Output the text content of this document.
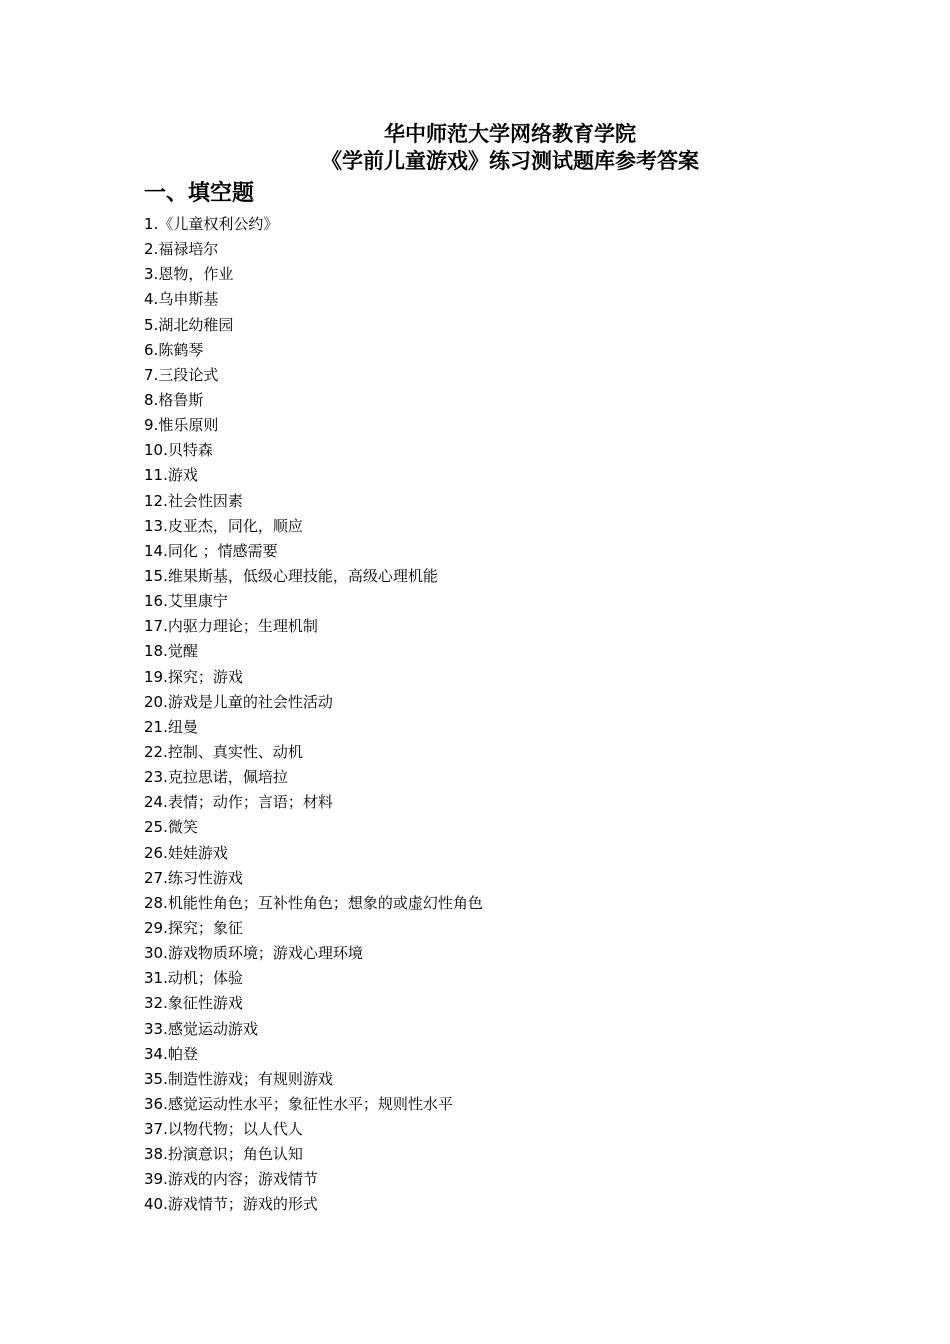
华中师范大学网络教育学院
《学前儿童游戏》练习测试题库参考答案
一、填空题
1 . 《儿童权利公约》
2 . 福禄培尔
3 . 恩物，作业
4 . 乌申斯基
5 . 湖北幼稚园
6 . 陈鹤琴
7 . 三段论式
8 . 格鲁斯
9 . 惟乐原则
10 . 贝特森
11 . 游戏
12 . 社会性因素
13 . 皮亚杰，同化，顺应
14 . 同化 ；情感需要
15 . 维果斯基，低级心理技能，高级心理机能
16 . 艾里康宁
17 . 内驱力理论；生理机制
18 . 觉醒
19 . 探究；游戏
20 . 游戏是儿童的社会性活动
21 . 纽曼
22 . 控制、真实性、动机
23 . 克拉思诺，佩培拉
24 . 表情；动作；言语；材料
25 . 微笑
26 . 娃娃游戏
27 . 练习性游戏
28 . 机能性角色；互补性角色；想象的或虚幻性角色
29 . 探究；象征
30 . 游戏物质环境；游戏心理环境
31 . 动机；体验
32 . 象征性游戏
33 . 感觉运动游戏
34 . 帕登
35 . 制造性游戏；有规则游戏
36 . 感觉运动性水平；象征性水平；规则性水平
37 . 以物代物；以人代人
38 . 扮演意识；角色认知
39 . 游戏的内容；游戏情节
40 . 游戏情节；游戏的形式
